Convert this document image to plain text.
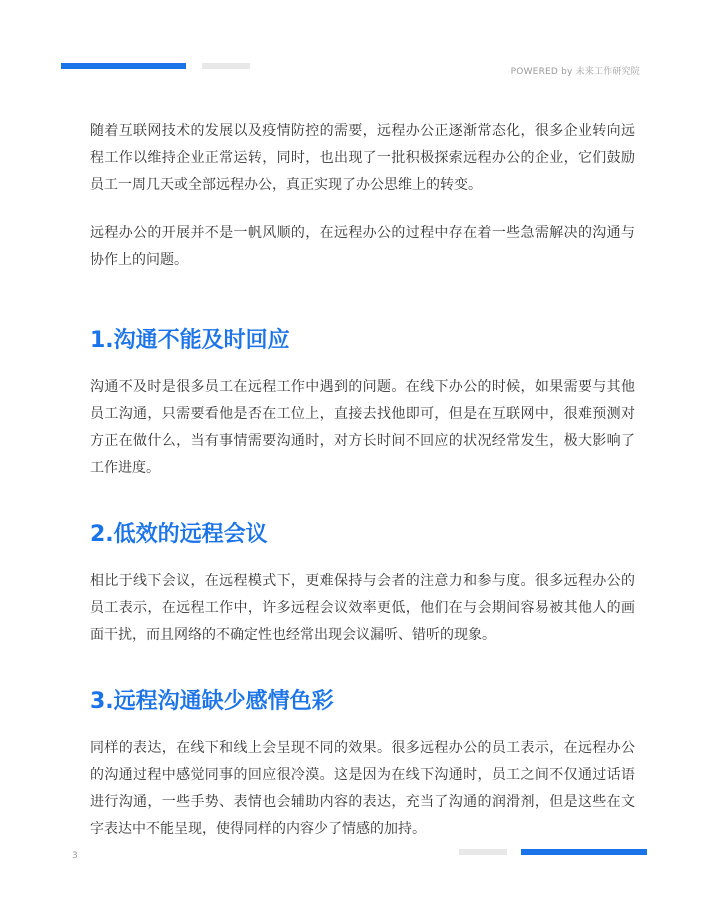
POWERED by 未来工作研究院

随着互联网技术的发展以及疫情防控的需要，远程办公正逐渐常态化，很多企业转向远程工作以维持企业正常运转，同时，也出现了一批积极探索远程办公的企业，它们鼓励员工一周几天或全部远程办公，真正实现了办公思维上的转变。

远程办公的开展并不是一帆风顺的，在远程办公的过程中存在着一些急需解决的沟通与协作上的问题。

1.沟通不能及时回应

沟通不及时是很多员工在远程工作中遇到的问题。在线下办公的时候，如果需要与其他员工沟通，只需要看他是否在工位上，直接去找他即可，但是在互联网中，很难预测对方正在做什么，当有事情需要沟通时，对方长时间不回应的状况经常发生，极大影响了工作进度。

2.低效的远程会议

相比于线下会议，在远程模式下，更难保持与会者的注意力和参与度。很多远程办公的员工表示，在远程工作中，许多远程会议效率更低，他们在与会期间容易被其他人的画面干扰，而且网络的不确定性也经常出现会议漏听、错听的现象。

3.远程沟通缺少感情色彩

同样的表达，在线下和线上会呈现不同的效果。很多远程办公的员工表示，在远程办公的沟通过程中感觉同事的回应很冷漠。这是因为在线下沟通时，员工之间不仅通过话语进行沟通，一些手势、表情也会辅助内容的表达，充当了沟通的润滑剂，但是这些在文字表达中不能呈现，使得同样的内容少了情感的加持。

3
